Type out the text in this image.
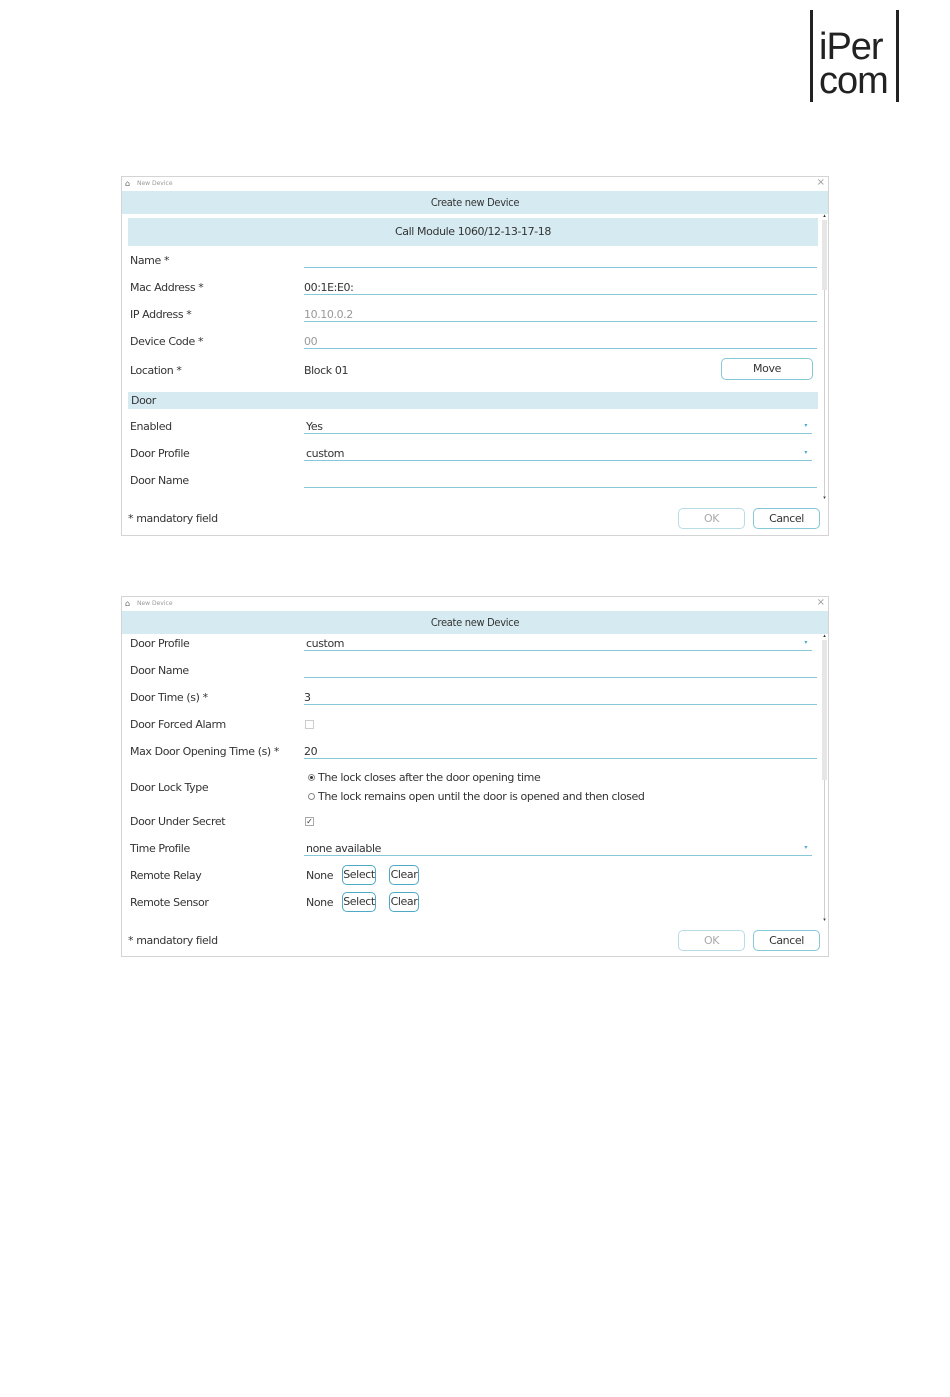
iPer
com
⌂	New Device	×
Create new Device
▴
▾
Call Module 1060/12-13-17-18
Name *
Mac Address *	00:1E:E0:
IP Address *	10.10.0.2
Device Code *	00
Location *	Block 01	Move
Door
Enabled	Yes	▾
Door Profile	custom	▾
Door Name
* mandatory field	OK	Cancel
⌂	New Device	×
Create new Device
▴
▾
Door Profile	custom	▾
Door Name
Door Time (s) *	3
Door Forced Alarm
Max Door Opening Time (s) * 20
Door Lock Type
The lock closes after the door opening time
The lock remains open until the door is opened and then closed
Door Under Secret	✓
Time Profile	none available	▾
Remote Relay	None Select Clear
Remote Sensor	None Select Clear
* mandatory field	OK	Cancel
